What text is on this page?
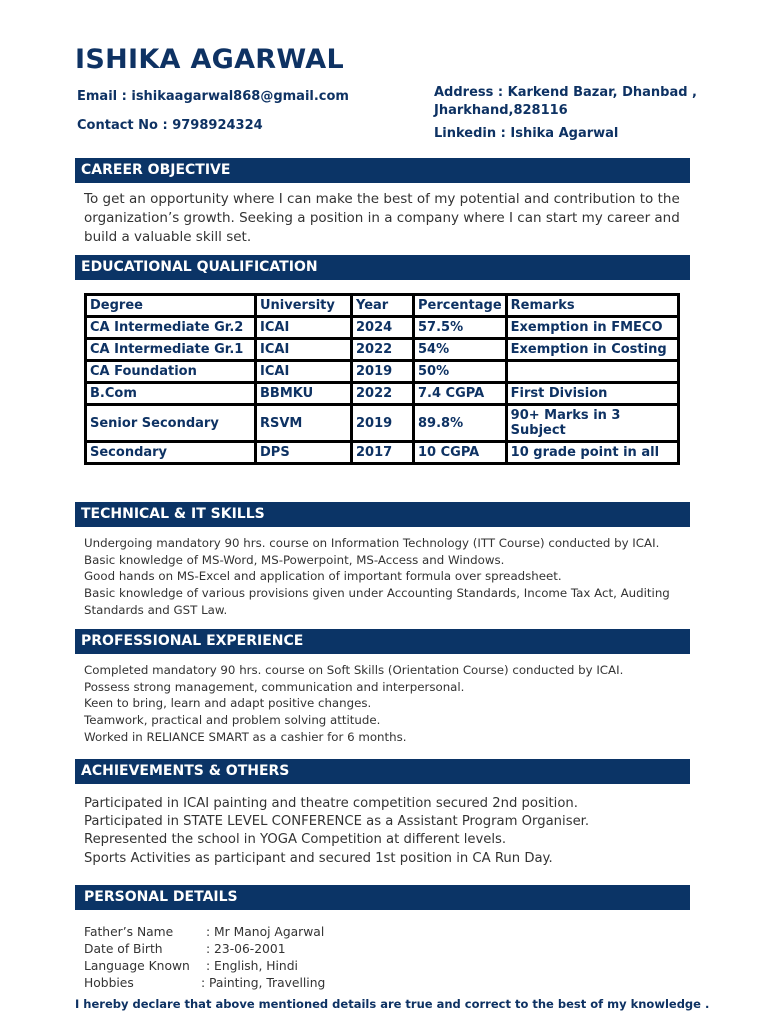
ISHIKA AGARWAL
Email : ishikaagarwal868@gmail.com
Contact No : 9798924324
Address : Karkend Bazar, Dhanbad ,
Jharkhand,828116
Linkedin : Ishika Agarwal
CAREER OBJECTIVE
To get an opportunity where I can make the best of my potential and contribution to the organization’s growth. Seeking a position in a company where I can start my career and build a valuable skill set.
EDUCATIONAL QUALIFICATION
Degree	University	Year	Percentage	Remarks
CA Intermediate Gr.2	ICAI	2024	57.5%	Exemption in FMECO
CA Intermediate Gr.1	ICAI	2022	54%	Exemption in Costing
CA Foundation	ICAI	2019	50%	
B.Com	BBMKU	2022	7.4 CGPA	First Division
Senior Secondary	RSVM	2019	89.8%	90+ Marks in 3 Subject
Secondary	DPS	2017	10 CGPA	10 grade point in all
TECHNICAL & IT SKILLS
Undergoing mandatory 90 hrs. course on Information Technology (ITT Course) conducted by ICAI.
Basic knowledge of MS-Word, MS-Powerpoint, MS-Access and Windows.
Good hands on MS-Excel and application of important formula over spreadsheet.
Basic knowledge of various provisions given under Accounting Standards, Income Tax Act, Auditing Standards and GST Law.
PROFESSIONAL EXPERIENCE
Completed mandatory 90 hrs. course on Soft Skills (Orientation Course) conducted by ICAI.
Possess strong management, communication and interpersonal.
Keen to bring, learn and adapt positive changes.
Teamwork, practical and problem solving attitude.
Worked in RELIANCE SMART as a cashier for 6 months.
ACHIEVEMENTS & OTHERS
Participated in ICAI painting and theatre competition secured 2nd position.
Participated in STATE LEVEL CONFERENCE as a Assistant Program Organiser.
Represented the school in YOGA Competition at different levels.
Sports Activities as participant and secured 1st position in CA Run Day.
PERSONAL DETAILS
Father’s Name	: Mr Manoj Agarwal
Date of Birth	: 23-06-2001
Language Known : English, Hindi
Hobbies	: Painting, Travelling
I hereby declare that above mentioned details are true and correct to the best of my knowledge .
